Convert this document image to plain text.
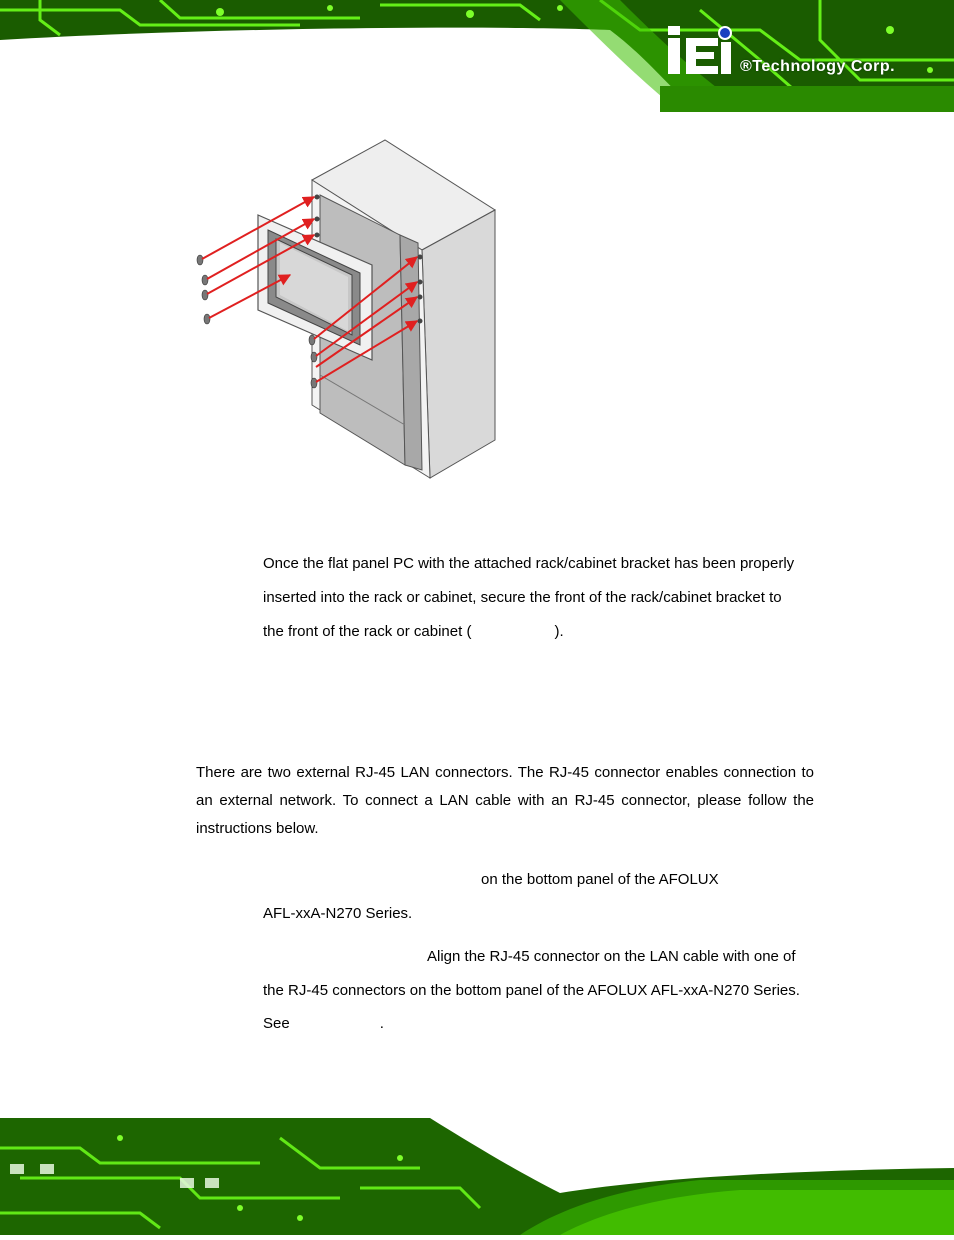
®Technology Corp.
Once the flat panel PC with the attached rack/cabinet bracket has been properly
inserted into the rack or cabinet, secure the front of the rack/cabinet bracket to
the front of the rack or cabinet (	).
There are two external RJ-45 LAN connectors. The RJ-45 connector enables connection to an external network. To connect a LAN cable with an RJ-45 connector, please follow the instructions below.
on the bottom panel of the AFOLUX
AFL-xxA-N270 Series.
Align the RJ-45 connector on the LAN cable with one of
the RJ-45 connectors on the bottom panel of the AFOLUX AFL-xxA-N270 Series.
See	.
